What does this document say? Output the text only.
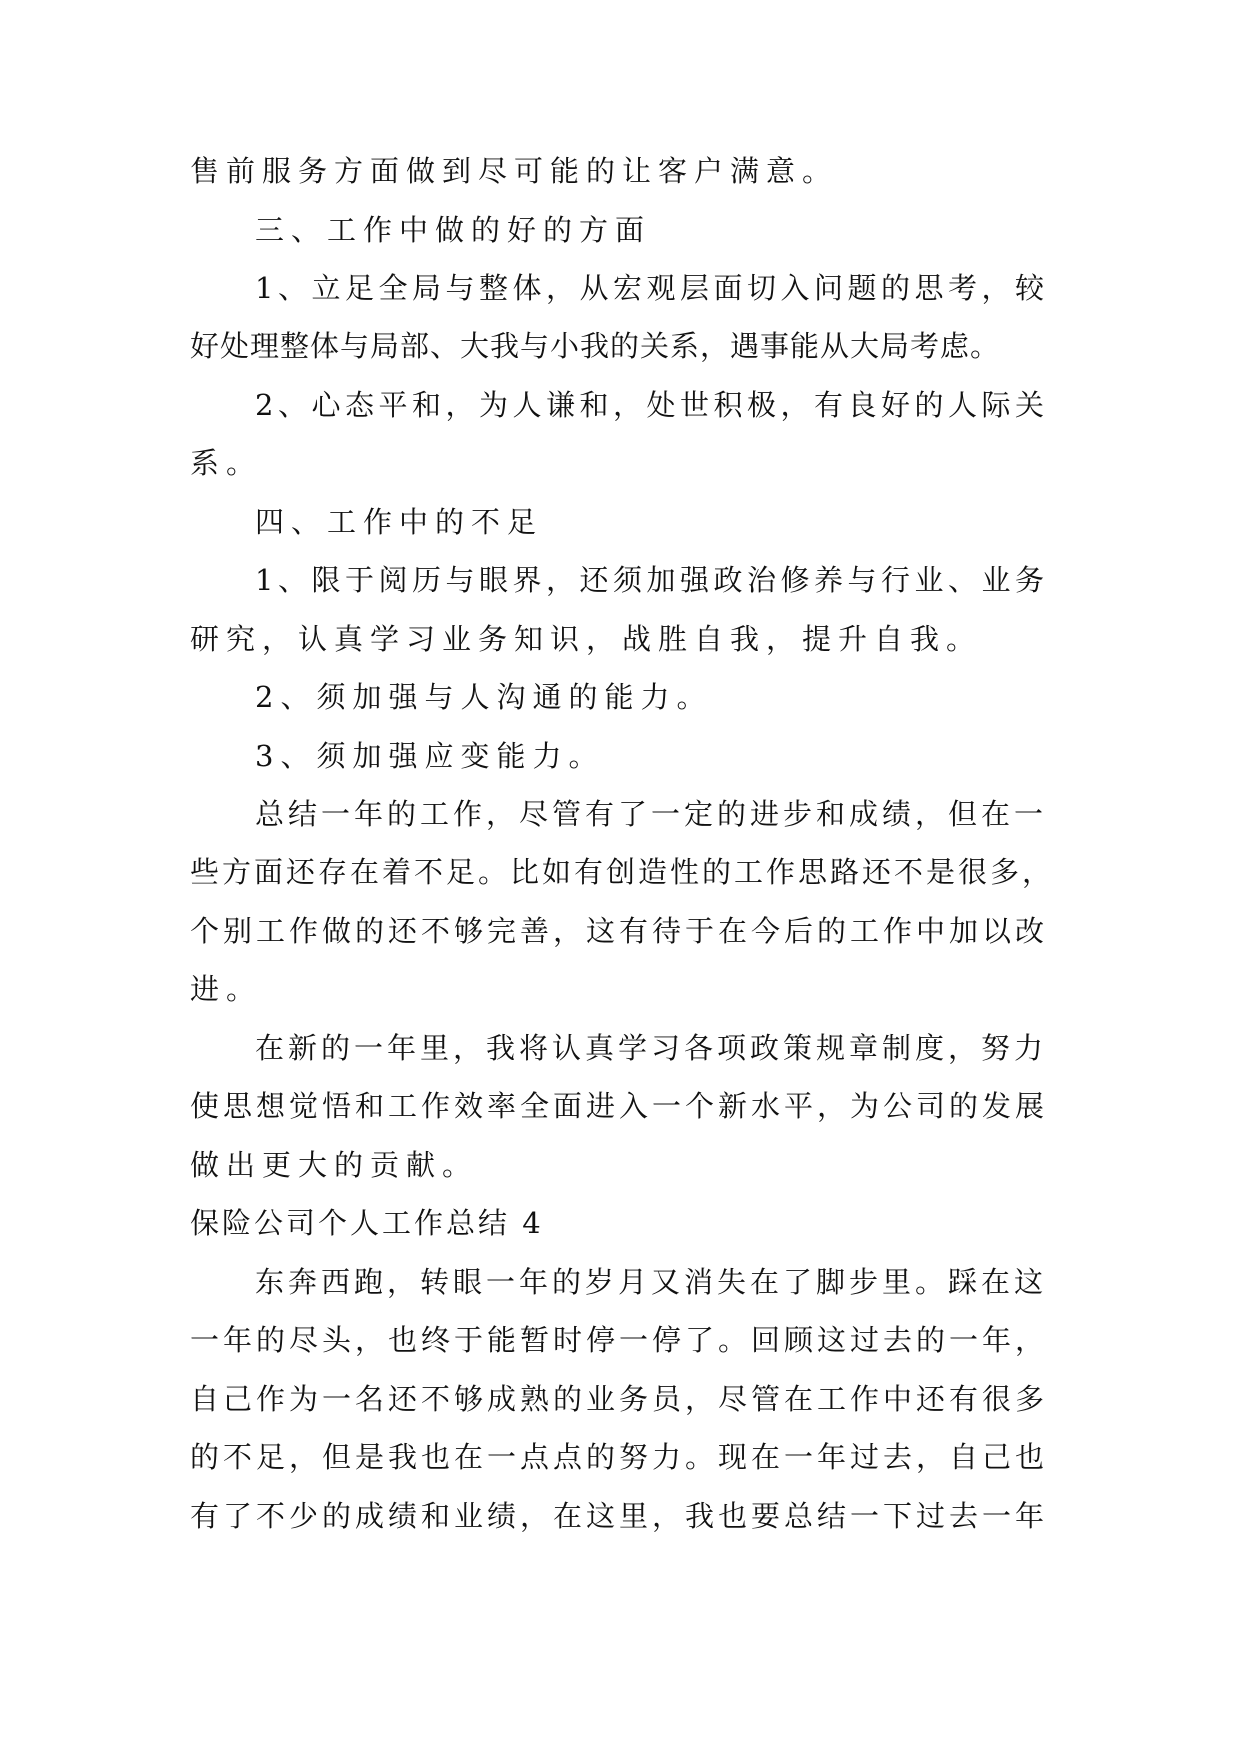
售前服务方面做到尽可能的让客户满意。
三、工作中做的好的方面
1、立足全局与整体，从宏观层面切入问题的思考，较
好处理整体与局部、大我与小我的关系，遇事能从大局考虑。
2、心态平和，为人谦和，处世积极，有良好的人际关
系。
四、工作中的不足
1、限于阅历与眼界，还须加强政治修养与行业、业务
研究，认真学习业务知识，战胜自我，提升自我。
2、须加强与人沟通的能力。
3、须加强应变能力。
总结一年的工作，尽管有了一定的进步和成绩，但在一
些方面还存在着不足。比如有创造性的工作思路还不是很多，
个别工作做的还不够完善，这有待于在今后的工作中加以改
进。
在新的一年里，我将认真学习各项政策规章制度，努力
使思想觉悟和工作效率全面进入一个新水平，为公司的发展
做出更大的贡献。
保险公司个人工作总结 4
东奔西跑，转眼一年的岁月又消失在了脚步里。踩在这
一年的尽头，也终于能暂时停一停了。回顾这过去的一年，
自己作为一名还不够成熟的业务员，尽管在工作中还有很多
的不足，但是我也在一点点的努力。现在一年过去，自己也
有了不少的成绩和业绩，在这里，我也要总结一下过去一年
